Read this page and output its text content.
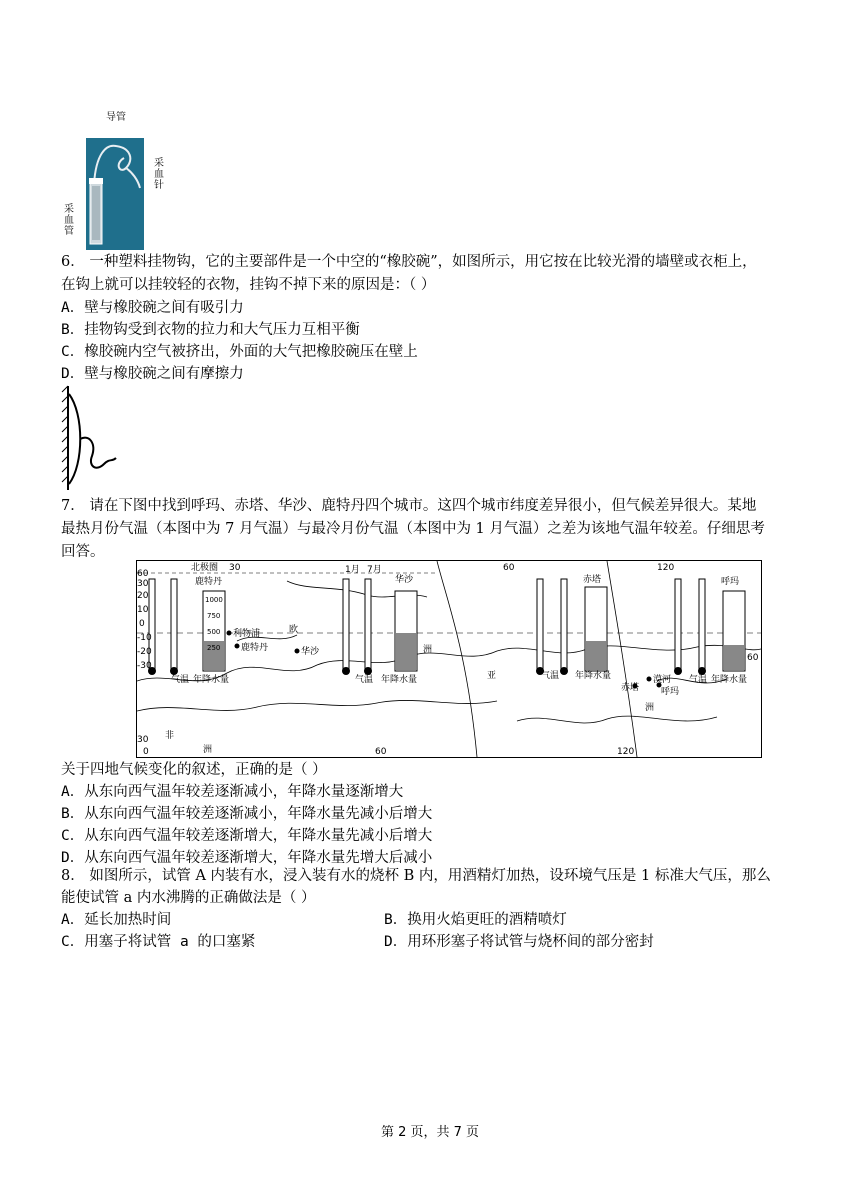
导管
采
血
针
采
血
管
6． 一种塑料挂物钩，它的主要部件是一个中空的“橡胶碗”，如图所示，用它按在比较光滑的墙壁或衣柜上，
在钩上就可以挂较轻的衣物，挂钩不掉下来的原因是：（ ）
A．壁与橡胶碗之间有吸引力
B．挂物钩受到衣物的拉力和大气压力互相平衡
C．橡胶碗内空气被挤出，外面的大气把橡胶碗压在壁上
D．壁与橡胶碗之间有摩擦力
7． 请在下图中找到呼玛、赤塔、华沙、鹿特丹四个城市。这四个城市纬度差异很小，但气候差异很大。某地
最热月份气温（本图中为 7 月气温）与最冷月份气温（本图中为 1 月气温）之差为该地气温年较差。仔细思考
回答。
鹿特丹	华沙	赤塔	呼玛
北极圈 30	60	120
1月 7月
利物浦
鹿特丹	华沙
欧
洲
亚
赤塔
漠河
呼玛
洲
非
洲
气温 年降水量	气温 年降水量	气温 年降水量	气温 年降水量
30
20
10
0
-10
-20
-30
1000
750
500
250
60
30
0	60	120
60
关于四地气候变化的叙述，正确的是（ ）
A．从东向西气温年较差逐渐减小，年降水量逐渐增大
B．从东向西气温年较差逐渐减小，年降水量先减小后增大
C．从东向西气温年较差逐渐增大，年降水量先减小后增大
D．从东向西气温年较差逐渐增大，年降水量先增大后减小
8． 如图所示，试管 A 内装有水，浸入装有水的烧杯 B 内，用酒精灯加热，设环境气压是 1 标准大气压，那么
能使试管 a 内水沸腾的正确做法是（ ）
A．延长加热时间	B．换用火焰更旺的酒精喷灯
C．用塞子将试管 a 的口塞紧	D．用环形塞子将试管与烧杯间的部分密封
第 2 页，共 7 页
